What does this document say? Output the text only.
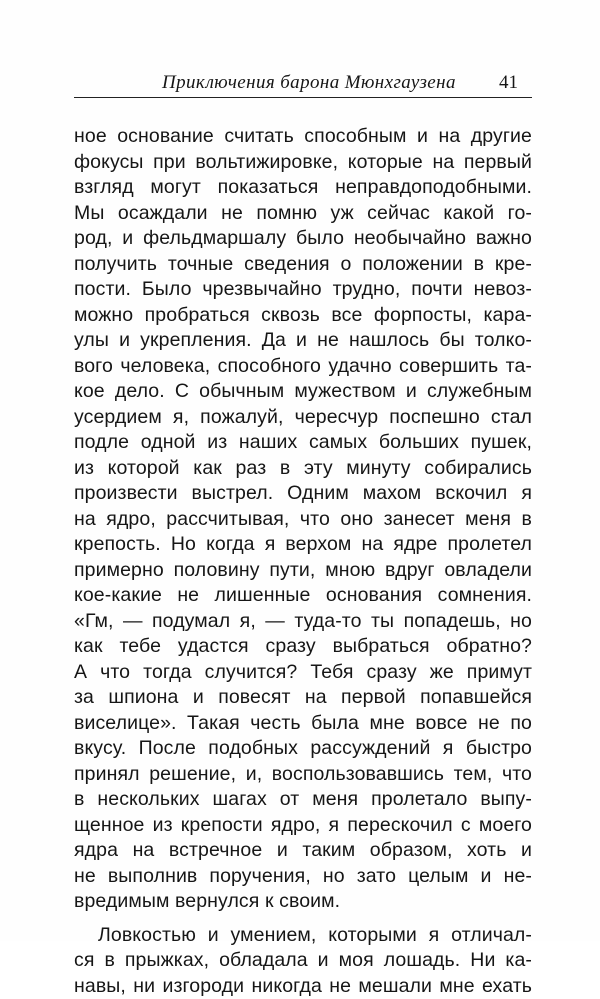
Приключения барона Мюнхгаузена 41
ное основание считать способным и на другие
фокусы при вольтижировке, которые на первый
взгляд могут показаться неправдоподобными.
Мы осаждали не помню уж сейчас какой го-
род, и фельдмаршалу было необычайно важно
получить точные сведения о положении в кре-
пости. Было чрезвычайно трудно, почти невоз-
можно пробраться сквозь все форпосты, кара-
улы и укрепления. Да и не нашлось бы толко-
вого человека, способного удачно совершить та-
кое дело. С обычным мужеством и служебным
усердием я, пожалуй, чересчур поспешно стал
подле одной из наших самых больших пушек,
из которой как раз в эту минуту собирались
произвести выстрел. Одним махом вскочил я
на ядро, рассчитывая, что оно занесет меня в
крепость. Но когда я верхом на ядре пролетел
примерно половину пути, мною вдруг овладели
кое-какие не лишенные основания сомнения.
«Гм, — подумал я, — туда-то ты попадешь, но
как тебе удастся сразу выбраться обратно?
А что тогда случится? Тебя сразу же примут
за шпиона и повесят на первой попавшейся
виселице». Такая честь была мне вовсе не по
вкусу. После подобных рассуждений я быстро
принял решение, и, воспользовавшись тем, что
в нескольких шагах от меня пролетало выпу-
щенное из крепости ядро, я перескочил с моего
ядра на встречное и таким образом, хоть и
не выполнив поручения, но зато целым и не-
вредимым вернулся к своим.
Ловкостью и умением, которыми я отличал-
ся в прыжках, обладала и моя лошадь. Ни ка-
навы, ни изгороди никогда не мешали мне ехать
